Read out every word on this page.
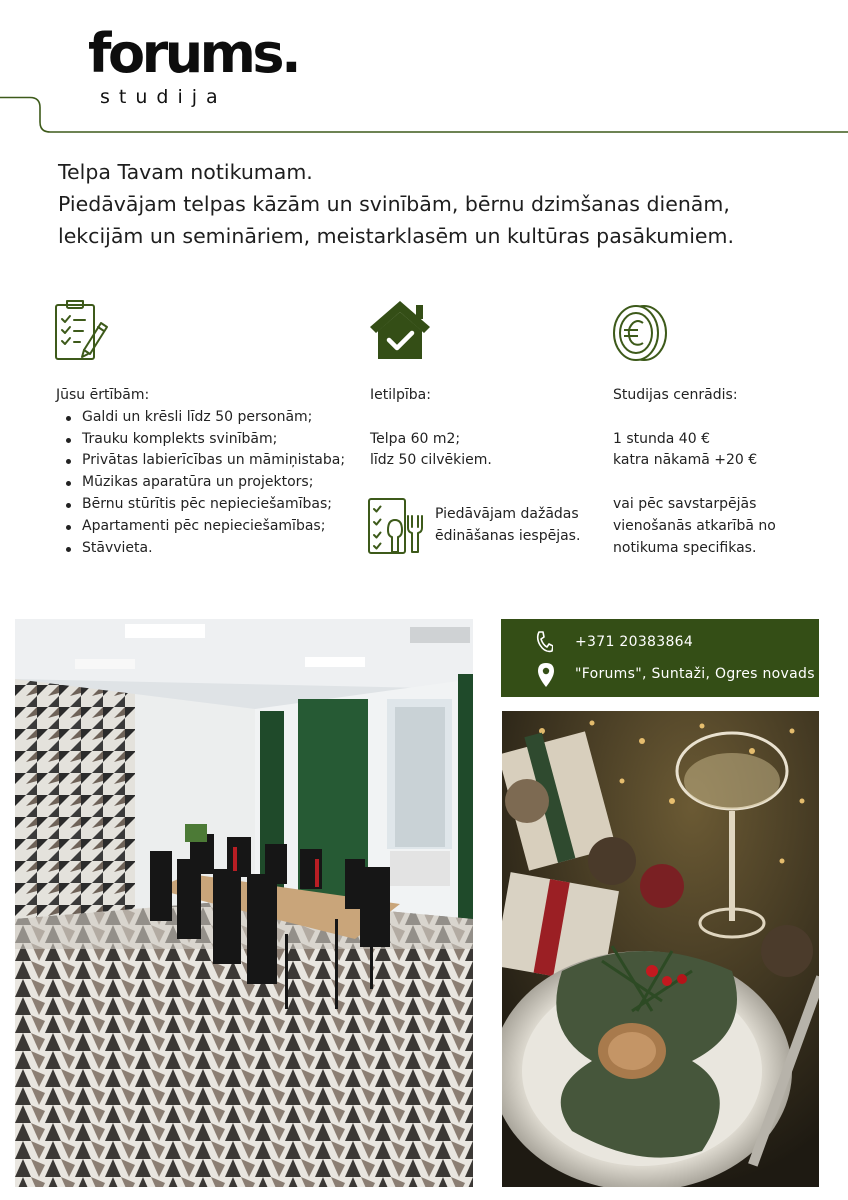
forums.
studija

Telpa Tavam notikumam.

Piedāvājam telpas kāzām un svinībām, bērnu dzimšanas dienām,

lekcijām un semināriem, meistarklasēm un kultūras pasākumiem.

Jūsu ērtībām:
Galdi un krēsli līdz 50 personām;
Trauku komplekts svinībām;
Privātas labierīcības un māmiņistaba;
Mūzikas aparatūra un projektors;
Bērnu stūrītis pēc nepieciešamības;
Apartamenti pēc nepieciešamības;
Stāvvieta.
Ietilpība:
Telpa 60 m2;
līdz 50 cilvēkiem.
Piedāvājam dažādas
ēdināšanas iespējas.
Studijas cenrādis:
1 stunda 40 €
katra nākamā +20 €
vai pēc savstarpējās
vienošanās atkarībā no
notikuma specifikas.
+371 20383864
"Forums", Suntaži, Ogres novads
